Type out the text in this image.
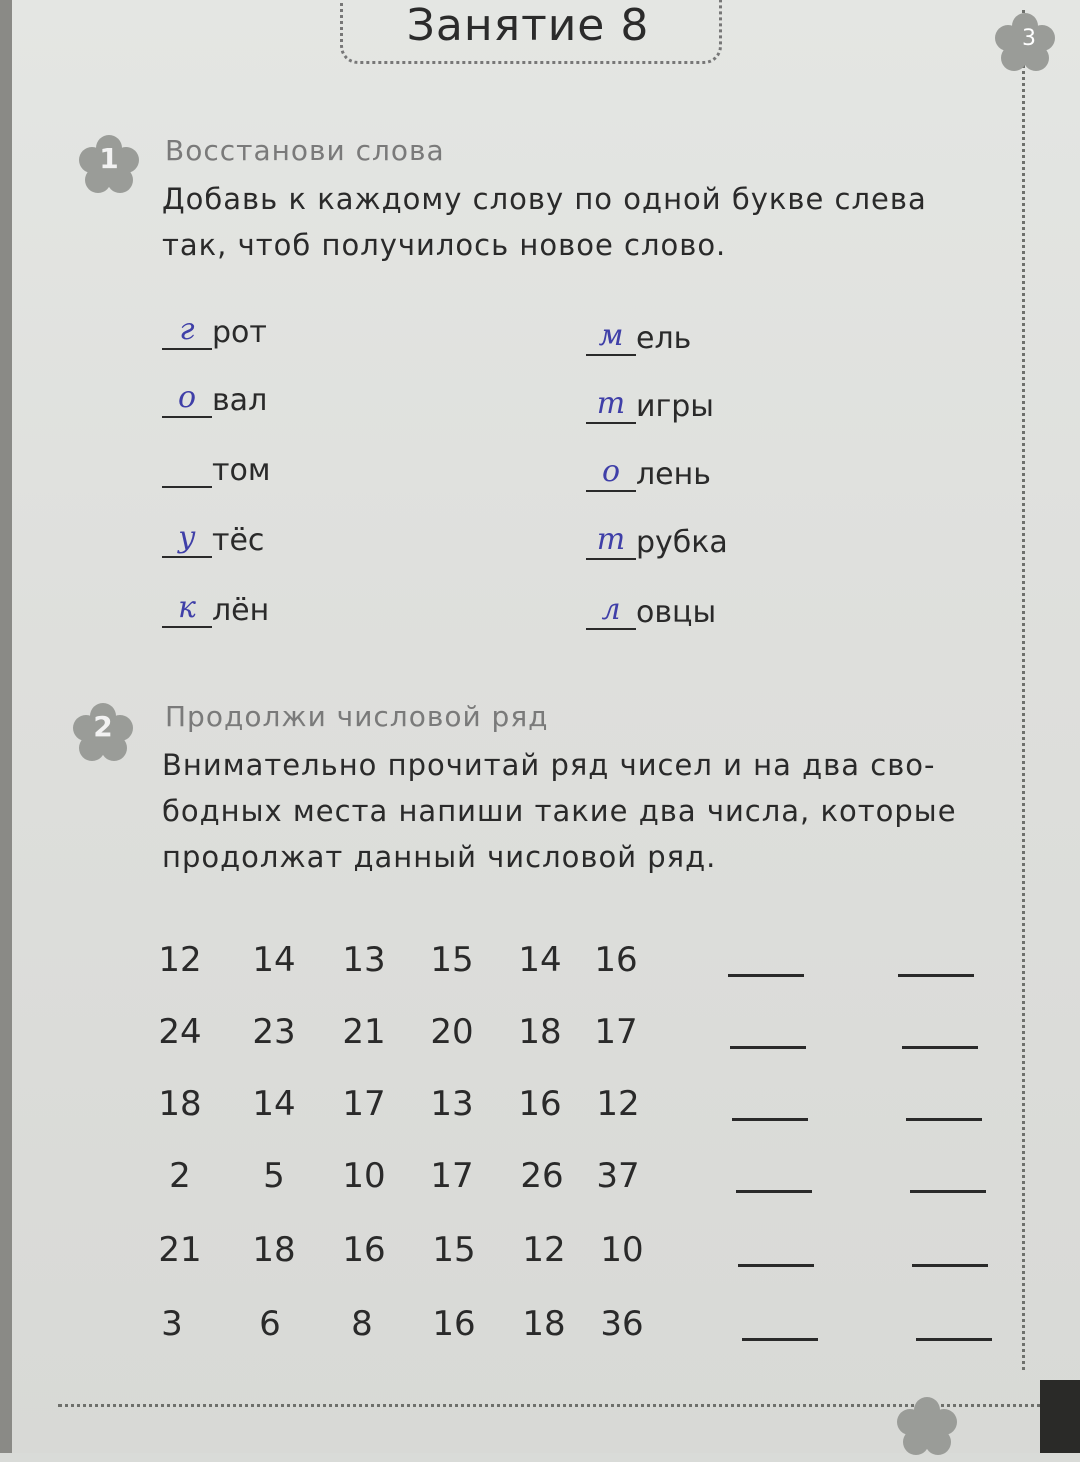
Занятие 8	3
1	Восстанови слова
Добавь к каждому слову по одной букве слева
так, чтоб получилось новое слово.
г рот
о вал
том
у тёс
к лён
м ель
т игры
о лень
т рубка
л овцы
2	Продолжи числовой ряд
Внимательно прочитай ряд чисел и на два сво-
бодных места напиши такие два числа, которые
продолжат данный числовой ряд.
12 14 13 15 14 16
24 23 21 20 18 17
18 14 17 13 16 12
2	5	10 17 26 37
21 18 16 15 12 10
3	6	8	16 18 36
